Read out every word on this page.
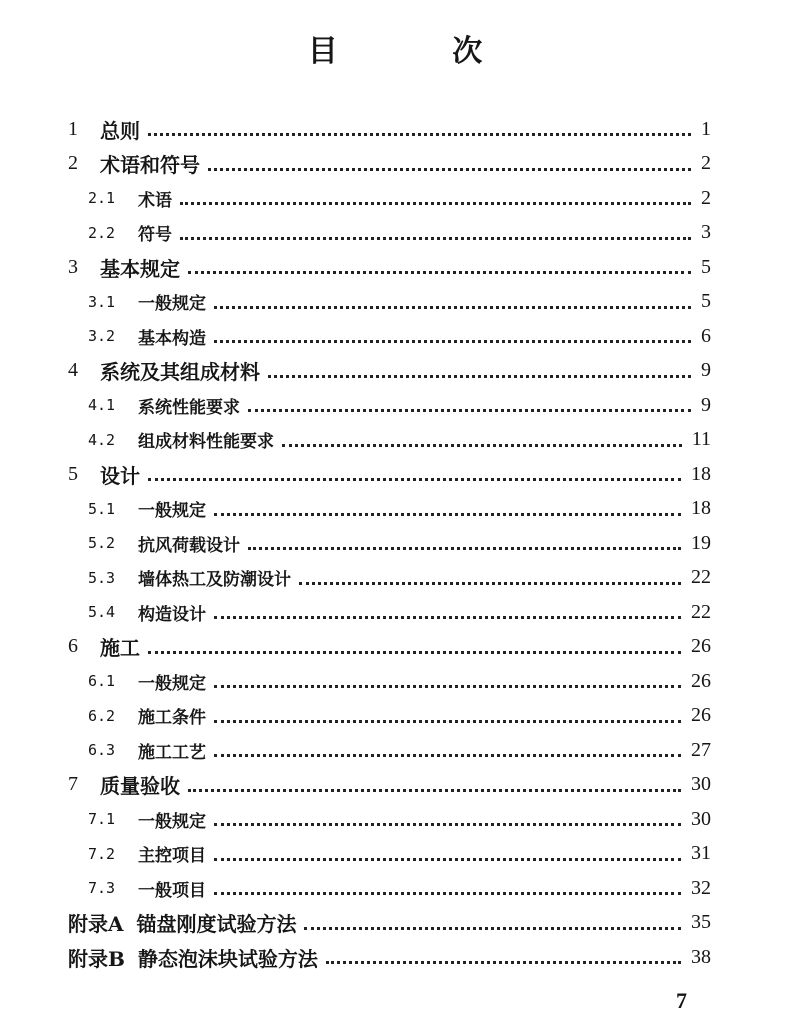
目 次
1 总则	1
2 术语和符号	2
2.1 术语	2
2.2 符号	3
3 基本规定	5
3.1 一般规定	5
3.2 基本构造	6
4 系统及其组成材料	9
4.1 系统性能要求	9
4.2 组成材料性能要求	11
5 设计	18
5.1 一般规定	18
5.2 抗风荷载设计	19
5.3 墙体热工及防潮设计	22
5.4 构造设计	22
6 施工	26
6.1 一般规定	26
6.2 施工条件	26
6.3 施工工艺	27
7 质量验收	30
7.1 一般规定	30
7.2 主控项目	31
7.3 一般项目	32
附录A 锚盘刚度试验方法	35
附录B 静态泡沫块试验方法	38
7
